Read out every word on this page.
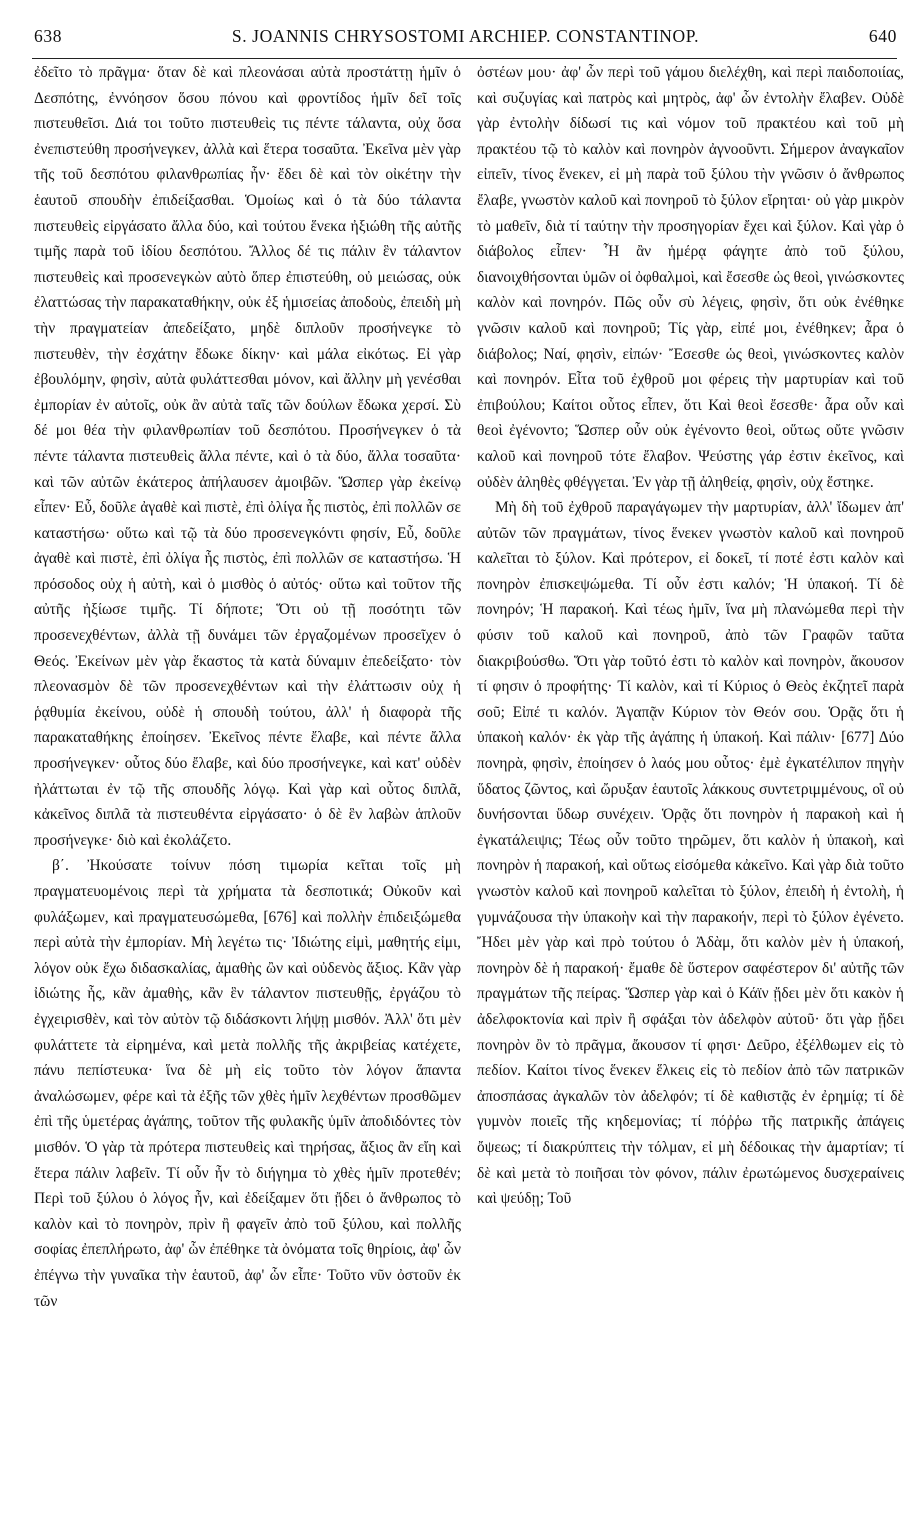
638	S. JOANNIS CHRYSOSTOMI ARCHIEP. CONSTANTINOP.	640

ἐδεῖτο τὸ πρᾶγμα· ὅταν δὲ καὶ πλεονάσαι αὐτὰ προστάττῃ ἡμῖν ὁ Δεσπότης, ἐννόησον ὅσου πόνου καὶ φροντίδος ἡμῖν δεῖ τοῖς πιστευθεῖσι. Διά τοι τοῦτο πιστευθεὶς τις πέντε τάλαντα, οὐχ ὅσα ἐνεπιστεύθη προσήνεγκεν, ἀλλὰ καὶ ἕτερα τοσαῦτα. Ἐκεῖνα μὲν γὰρ τῆς τοῦ δεσπότου φιλανθρωπίας ἦν· ἔδει δὲ καὶ τὸν οἰκέτην τὴν ἑαυτοῦ σπουδὴν ἐπιδείξασθαι. Ὁμοίως καὶ ὁ τὰ δύο τάλαντα πιστευθεὶς εἰργάσατο ἄλλα δύο, καὶ τούτου ἕνεκα ἠξιώθη τῆς αὐτῆς τιμῆς παρὰ τοῦ ἰδίου δεσπότου. Ἄλλος δέ τις πάλιν ἓν τάλαντον πιστευθεὶς καὶ προσενεγκὼν αὐτὸ ὅπερ ἐπιστεύθη, οὐ μειώσας, οὐκ ἐλαττώσας τὴν παρακαταθήκην, οὐκ ἐξ ἡμισείας ἀποδοὺς, ἐπειδὴ μὴ τὴν πραγματείαν ἀπεδείξατο, μηδὲ διπλοῦν προσήνεγκε τὸ πιστευθὲν, τὴν ἐσχάτην ἔδωκε δίκην· καὶ μάλα εἰκότως. Εἰ γὰρ ἐβουλόμην, φησὶν, αὐτὰ φυλάττεσθαι μόνον, καὶ ἄλλην μὴ γενέσθαι ἐμπορίαν ἐν αὐτοῖς, οὐκ ἂν αὐτὰ ταῖς τῶν δούλων ἔδωκα χερσί. Σὺ δέ μοι θέα τὴν φιλανθρωπίαν τοῦ δεσπότου. Προσήνεγκεν ὁ τὰ πέντε τάλαντα πιστευθεὶς ἄλλα πέντε, καὶ ὁ τὰ δύο, ἄλλα τοσαῦτα· καὶ τῶν αὐτῶν ἑκάτερος ἀπήλαυσεν ἀμοιβῶν. Ὥσπερ γὰρ ἐκείνῳ εἶπεν· Εὖ, δοῦλε ἀγαθὲ καὶ πιστὲ, ἐπὶ ὀλίγα ἧς πιστὸς, ἐπὶ πολλῶν σε καταστήσω· οὕτω καὶ τῷ τὰ δύο προσενεγκόντι φησίν, Εὖ, δοῦλε ἀγαθὲ καὶ πιστὲ, ἐπὶ ὀλίγα ἧς πιστὸς, ἐπὶ πολλῶν σε καταστήσω. Ἡ πρόσοδος οὐχ ἡ αὐτὴ, καὶ ὁ μισθὸς ὁ αὐτός· οὕτω καὶ τοῦτον τῆς αὐτῆς ἠξίωσε τιμῆς. Τί δήποτε; Ὅτι οὐ τῇ ποσότητι τῶν προσενεχθέντων, ἀλλὰ τῇ δυνάμει τῶν ἐργαζομένων προσεῖχεν ὁ Θεός. Ἐκείνων μὲν γὰρ ἕκαστος τὰ κατὰ δύναμιν ἐπεδείξατο· τὸν πλεονασμὸν δὲ τῶν προσενεχθέντων καὶ τὴν ἐλάττωσιν οὐχ ἡ ῥᾳθυμία ἐκείνου, οὐδὲ ἡ σπουδὴ τούτου, ἀλλ' ἡ διαφορὰ τῆς παρακαταθήκης ἐποίησεν. Ἐκεῖνος πέντε ἔλαβε, καὶ πέντε ἄλλα προσήνεγκεν· οὗτος δύο ἔλαβε, καὶ δύο προσήνεγκε, καὶ κατ' οὐδὲν ἠλάττωται ἐν τῷ τῆς σπουδῆς λόγῳ. Καὶ γὰρ καὶ οὗτος διπλᾶ, κἀκεῖνος διπλᾶ τὰ πιστευθέντα εἰργάσατο· ὁ δὲ ἓν λαβὼν ἁπλοῦν προσήνεγκε· διὸ καὶ ἐκολάζετο.

β΄. Ἠκούσατε τοίνυν πόση τιμωρία κεῖται τοῖς μὴ πραγματευομένοις περὶ τὰ χρήματα τὰ δεσποτικά; Οὐκοῦν καὶ φυλάξωμεν, καὶ πραγματευσώμεθα, [676] καὶ πολλὴν ἐπιδειξώμεθα περὶ αὐτὰ τὴν ἐμπορίαν. Μὴ λεγέτω τις· Ἰδιώτης εἰμὶ, μαθητής εἰμι, λόγον οὐκ ἔχω διδασκαλίας, ἀμαθὴς ὢν καὶ οὐδενὸς ἄξιος. Κἂν γὰρ ἰδιώτης ἧς, κἂν ἀμαθὴς, κἂν ἓν τάλαντον πιστευθῇς, ἐργάζου τὸ ἐγχειρισθὲν, καὶ τὸν αὐτὸν τῷ διδάσκοντι λήψῃ μισθόν. Ἀλλ' ὅτι μὲν φυλάττετε τὰ εἰρημένα, καὶ μετὰ πολλῆς τῆς ἀκριβείας κατέχετε, πάνυ πεπίστευκα· ἵνα δὲ μὴ εἰς τοῦτο τὸν λόγον ἅπαντα ἀναλώσωμεν, φέρε καὶ τὰ ἐξῆς τῶν χθὲς ἡμῖν λεχθέντων προσθῶμεν ἐπὶ τῆς ὑμετέρας ἀγάπης, τοῦτον τῆς φυλακῆς ὑμῖν ἀποδιδόντες τὸν μισθόν. Ὁ γὰρ τὰ πρότερα πιστευθεὶς καὶ τηρήσας, ἄξιος ἂν εἴη καὶ ἕτερα πάλιν λαβεῖν. Τί οὖν ἦν τὸ διήγημα τὸ χθὲς ἡμῖν προτεθέν; Περὶ τοῦ ξύλου ὁ λόγος ἦν, καὶ ἐδείξαμεν ὅτι ᾔδει ὁ ἄνθρωπος τὸ καλὸν καὶ τὸ πονηρὸν, πρὶν ἢ φαγεῖν ἀπὸ τοῦ ξύλου, καὶ πολλῆς σοφίας ἐπεπλήρωτο, ἀφ' ὧν ἐπέθηκε τὰ ὀνόματα τοῖς θηρίοις, ἀφ' ὧν ἐπέγνω τὴν γυναῖκα τὴν ἑαυτοῦ, ἀφ' ὧν εἶπε· Τοῦτο νῦν ὀστοῦν ἐκ τῶν

ὀστέων μου· ἀφ' ὧν περὶ τοῦ γάμου διελέχθη, καὶ περὶ παιδοποιίας, καὶ συζυγίας καὶ πατρὸς καὶ μητρὸς, ἀφ' ὧν ἐντολὴν ἔλαβεν. Οὐδὲ γὰρ ἐντολὴν δίδωσί τις καὶ νόμον τοῦ πρακτέου καὶ τοῦ μὴ πρακτέου τῷ τὸ καλὸν καὶ πονηρὸν ἀγνοοῦντι. Σήμερον ἀναγκαῖον εἰπεῖν, τίνος ἕνεκεν, εἰ μὴ παρὰ τοῦ ξύλου τὴν γνῶσιν ὁ ἄνθρωπος ἔλαβε, γνωστὸν καλοῦ καὶ πονηροῦ τὸ ξύλον εἴρηται· οὐ γὰρ μικρὸν τὸ μαθεῖν, διὰ τί ταύτην τὴν προσηγορίαν ἔχει καὶ ξύλον. Καὶ γὰρ ὁ διάβολος εἶπεν· Ἧ ἂν ἡμέρᾳ φάγητε ἀπὸ τοῦ ξύλου, διανοιχθήσονται ὑμῶν οἱ ὀφθαλμοὶ, καὶ ἔσεσθε ὡς θεοὶ, γινώσκοντες καλὸν καὶ πονηρόν. Πῶς οὖν σὺ λέγεις, φησὶν, ὅτι οὐκ ἐνέθηκε γνῶσιν καλοῦ καὶ πονηροῦ; Τίς γὰρ, εἰπέ μοι, ἐνέθηκεν; ἆρα ὁ διάβολος; Ναί, φησὶν, εἰπών· Ἔσεσθε ὡς θεοὶ, γινώσκοντες καλὸν καὶ πονηρόν. Εἶτα τοῦ ἐχθροῦ μοι φέρεις τὴν μαρτυρίαν καὶ τοῦ ἐπιβούλου; Καίτοι οὗτος εἶπεν, ὅτι Καὶ θεοὶ ἔσεσθε· ἆρα οὖν καὶ θεοὶ ἐγένοντο; Ὥσπερ οὖν οὐκ ἐγένοντο θεοὶ, οὕτως οὔτε γνῶσιν καλοῦ καὶ πονηροῦ τότε ἔλαβον. Ψεύστης γάρ ἐστιν ἐκεῖνος, καὶ οὐδὲν ἀληθὲς φθέγγεται. Ἐν γὰρ τῇ ἀληθείᾳ, φησὶν, οὐχ ἕστηκε.

Μὴ δὴ τοῦ ἐχθροῦ παραγάγωμεν τὴν μαρτυρίαν, ἀλλ' ἴδωμεν ἀπ' αὐτῶν τῶν πραγμάτων, τίνος ἕνεκεν γνωστὸν καλοῦ καὶ πονηροῦ καλεῖται τὸ ξύλον. Καὶ πρότερον, εἰ δοκεῖ, τί ποτέ ἐστι καλὸν καὶ πονηρὸν ἐπισκεψώμεθα. Τί οὖν ἐστι καλόν; Ἡ ὑπακοή. Τί δὲ πονηρόν; Ἡ παρακοή. Καὶ τέως ἡμῖν, ἵνα μὴ πλανώμεθα περὶ τὴν φύσιν τοῦ καλοῦ καὶ πονηροῦ, ἀπὸ τῶν Γραφῶν ταῦτα διακριβούσθω. Ὅτι γὰρ τοῦτό ἐστι τὸ καλὸν καὶ πονηρὸν, ἄκουσον τί φησιν ὁ προφήτης· Τί καλὸν, καὶ τί Κύριος ὁ Θεὸς ἐκζητεῖ παρὰ σοῦ; Εἰπέ τι καλόν. Ἀγαπᾷν Κύριον τὸν Θεόν σου. Ὁρᾷς ὅτι ἡ ὑπακοὴ καλόν· ἐκ γὰρ τῆς ἀγάπης ἡ ὑπακοή. Καὶ πάλιν· [677] Δύο πονηρὰ, φησὶν, ἐποίησεν ὁ λαός μου οὗτος· ἐμὲ ἐγκατέλιπον πηγὴν ὕδατος ζῶντος, καὶ ὤρυξαν ἑαυτοῖς λάκκους συντετριμμένους, οἳ οὐ δυνήσονται ὕδωρ συνέχειν. Ὁρᾷς ὅτι πονηρὸν ἡ παρακοὴ καὶ ἡ ἐγκατάλειψις; Τέως οὖν τοῦτο τηρῶμεν, ὅτι καλὸν ἡ ὑπακοὴ, καὶ πονηρὸν ἡ παρακοή, καὶ οὕτως εἰσόμεθα κἀκεῖνο. Καὶ γὰρ διὰ τοῦτο γνωστὸν καλοῦ καὶ πονηροῦ καλεῖται τὸ ξύλον, ἐπειδὴ ἡ ἐντολὴ, ἡ γυμνάζουσα τὴν ὑπακοὴν καὶ τὴν παρακοήν, περὶ τὸ ξύλον ἐγένετο. Ἤδει μὲν γὰρ καὶ πρὸ τούτου ὁ Ἀδὰμ, ὅτι καλὸν μὲν ἡ ὑπακοή, πονηρὸν δὲ ἡ παρακοή· ἔμαθε δὲ ὕστερον σαφέστερον δι' αὐτῆς τῶν πραγμάτων τῆς πείρας. Ὥσπερ γὰρ καὶ ὁ Κάϊν ᾔδει μὲν ὅτι κακὸν ἡ ἀδελφοκτονία καὶ πρὶν ἢ σφάξαι τὸν ἀδελφὸν αὐτοῦ· ὅτι γὰρ ᾔδει πονηρὸν ὂν τὸ πρᾶγμα, ἄκουσον τί φησι· Δεῦρο, ἐξέλθωμεν εἰς τὸ πεδίον. Καίτοι τίνος ἕνεκεν ἕλκεις εἰς τὸ πεδίον ἀπὸ τῶν πατρικῶν ἀποσπάσας ἀγκαλῶν τὸν ἀδελφόν; τί δὲ καθιστᾷς ἐν ἐρημίᾳ; τί δὲ γυμνὸν ποιεῖς τῆς κηδεμονίας; τί πόῤῥω τῆς πατρικῆς ἀπάγεις ὄψεως; τί διακρύπτεις τὴν τόλμαν, εἰ μὴ δέδοικας τὴν ἁμαρτίαν; τί δὲ καὶ μετὰ τὸ ποιῆσαι τὸν φόνον, πάλιν ἐρωτώμενος δυσχεραίνεις καὶ ψεύδῃ; Τοῦ
